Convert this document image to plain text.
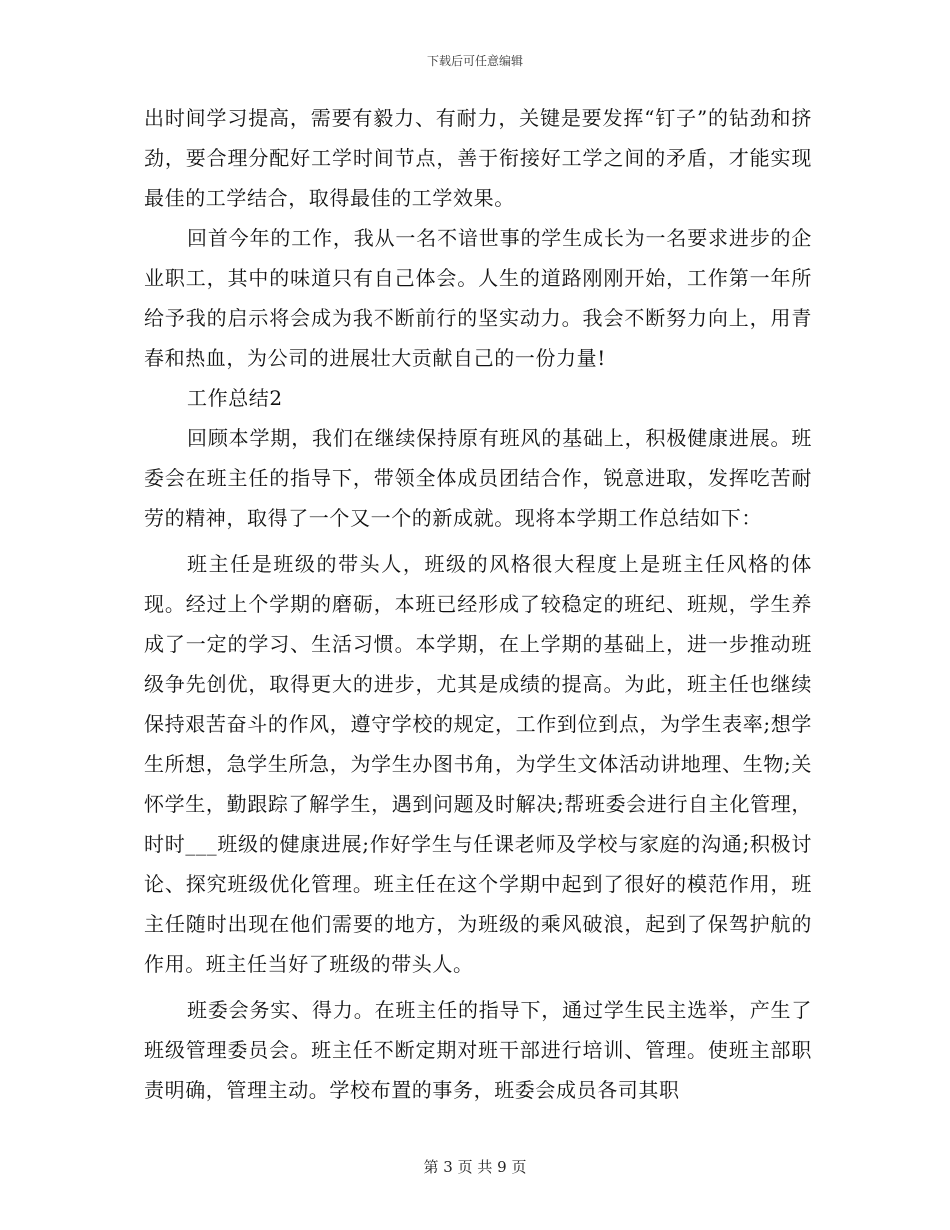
下载后可任意编辑

出时间学习提高，需要有毅力、有耐力，关键是要发挥“钉子”的钻劲和挤劲，要合理分配好工学时间节点，善于衔接好工学之间的矛盾，才能实现最佳的工学结合，取得最佳的工学效果。

回首今年的工作，我从一名不谙世事的学生成长为一名要求进步的企业职工，其中的味道只有自己体会。人生的道路刚刚开始，工作第一年所给予我的启示将会成为我不断前行的坚实动力。我会不断努力向上，用青春和热血，为公司的进展壮大贡献自己的一份力量!

工作总结2

回顾本学期，我们在继续保持原有班风的基础上，积极健康进展。班委会在班主任的指导下，带领全体成员团结合作，锐意进取，发挥吃苦耐劳的精神，取得了一个又一个的新成就。现将本学期工作总结如下：

班主任是班级的带头人，班级的风格很大程度上是班主任风格的体现。经过上个学期的磨砺，本班已经形成了较稳定的班纪、班规，学生养成了一定的学习、生活习惯。本学期，在上学期的基础上，进一步推动班级争先创优，取得更大的进步，尤其是成绩的提高。为此，班主任也继续保持艰苦奋斗的作风，遵守学校的规定，工作到位到点，为学生表率;想学生所想，急学生所急，为学生办图书角，为学生文体活动讲地理、生物;关怀学生，勤跟踪了解学生，遇到问题及时解决;帮班委会进行自主化管理，时时___班级的健康进展;作好学生与任课老师及学校与家庭的沟通;积极讨论、探究班级优化管理。班主任在这个学期中起到了很好的模范作用，班主任随时出现在他们需要的地方，为班级的乘风破浪，起到了保驾护航的作用。班主任当好了班级的带头人。

班委会务实、得力。在班主任的指导下，通过学生民主选举，产生了班级管理委员会。班主任不断定期对班干部进行培训、管理。使班主部职责明确，管理主动。学校布置的事务，班委会成员各司其职

第 3 页 共 9 页
